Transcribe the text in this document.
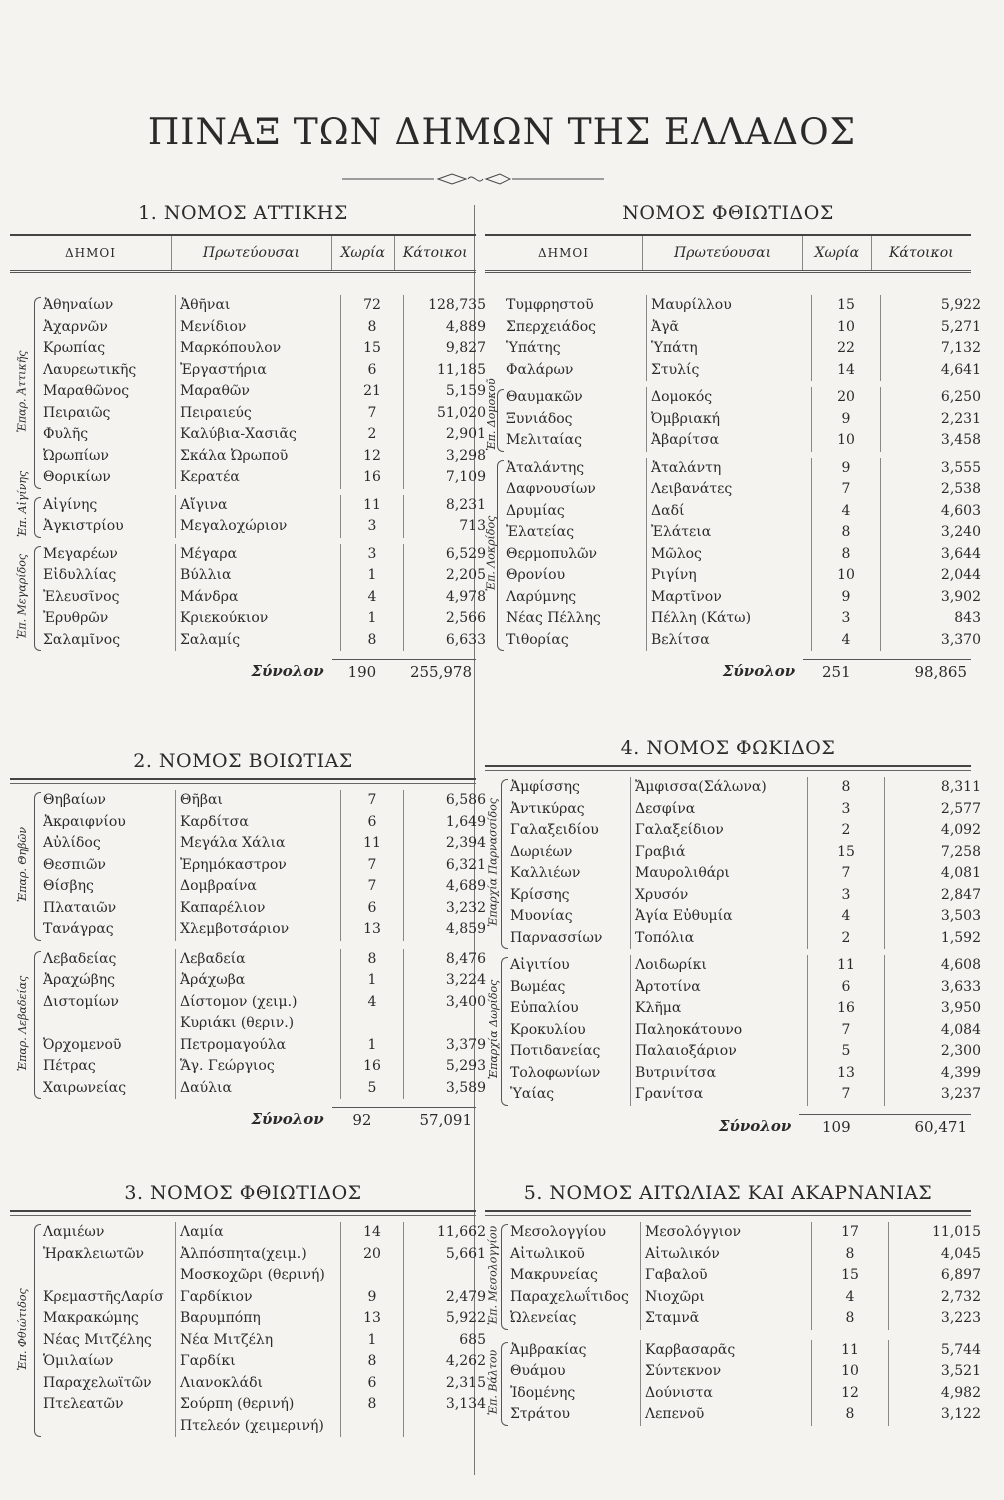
ΠΙΝΑΞ ΤΩΝ ΔΗΜΩΝ ΤΗΣ ΕΛΛΑΔΟΣ
1. ΝΟΜΟΣ ΑΤΤΙΚΗΣ
ΔΗΜΟΙ	Πρωτεύουσαι	Χωρία	Κάτοικοι
Ἐπαρ. Ἀττικῆς
Ἀθηναίων	Ἀθῆναι	72	128,735
Ἀχαρνῶν	Μενίδιον	8	4,889
Κρωπίας	Μαρκόπουλον	15	9,827
Λαυρεωτικῆς	Ἐργαστήρια	6	11,185
Μαραθῶνος	Μαραθῶν	21	5,159
Πειραιῶς	Πειραιεύς	7	51,020
Φυλῆς	Καλύβια-Χασιᾶς	2	2,901
Ὠρωπίων	Σκάλα Ὠρωποῦ	12	3,298
Θορικίων	Κερατέα	16	7,109
Ἐπ. Αἰγίνης Αἰγίνης	Αἴγινα	11	8,231
Ἀγκιστρίου	Μεγαλοχώριον	3	713
Ἐπ. Μεγαρίδος
Μεγαρέων	Μέγαρα	3	6,529
Εἰδυλλίας	Βύλλια	1	2,205
Ἐλευσῖνος	Μάνδρα	4	4,978
Ἐρυθρῶν	Κριεκούκιον	1	2,566
Σαλαμῖνος	Σαλαμίς	8	6,633
Σύνολον	190	255,978
2. ΝΟΜΟΣ ΒΟΙΩΤΙΑΣ
Ἐπαρ. Θηβῶν
Θηβαίων	Θῆβαι	7	6,586
Ἀκραιφνίου	Καρδίτσα	6	1,649
Αὐλίδος	Μεγάλα Χάλια	11	2,394
Θεσπιῶν	Ἐρημόκαστρον	7	6,321
Θίσβης	Δομβραίνα	7	4,689
Πλαταιῶν	Καπαρέλιον	6	3,232
Τανάγρας	Χλεμβοτσάριον	13	4,859
Ἐπαρ. Λεβαδείας
Λεβαδείας	Λεβαδεία	8	8,476
Ἀραχώβης	Ἀράχωβα	1	3,224
Διστομίων	Δίστομον (χειμ.)	4	3,400
Κυριάκι (θεριν.)
Ὀρχομενοῦ	Πετρομαγούλα	1	3,379
Πέτρας	Ἅγ. Γεώργιος	16	5,293
Χαιρωνείας	Δαύλια	5	3,589
Σύνολον	92	57,091
3. ΝΟΜΟΣ ΦΘΙΩΤΙΔΟΣ
Ἐπ. Φθιώτιδος
Λαμιέων	Λαμία	14	11,662
Ἡρακλειωτῶν	Ἀλπόσπητα(χειμ.)	20	5,661
Μοσκοχῶρι (θερινή)
ΚρεμαστῆςΛαρίσ	Γαρδίκιον	9	2,479
Μακρακώμης	Βαρυμπόπη	13	5,922
Νέας Μιτζέλης	Νέα Μιτζέλη	1	685
Ὁμιλαίων	Γαρδίκι	8	4,262
Παραχελωϊτῶν	Λιανοκλάδι	6	2,315
Πτελεατῶν	Σούρπη (θερινή)	8	3,134
Πτελεόν (χειμερινή)
ΝΟΜΟΣ ΦΘΙΩΤΙΔΟΣ
ΔΗΜΟΙ	Πρωτεύουσαι	Χωρία	Κάτοικοι
Τυμφρηστοῦ	Μαυρίλλου	15	5,922
Σπερχειάδος	Ἀγᾶ	10	5,271
Ὑπάτης	Ὑπάτη	22	7,132
Φαλάρων	Στυλίς	14	4,641
Ἐπ. Δομοκοῦ Θαυμακῶν	Δομοκός	20	6,250
Ξυνιάδος	Ὀμβριακή	9	2,231
Μελιταίας	Ἀβαρίτσα	10	3,458
Ἐπ. Λοκρίδος
Ἀταλάντης	Ἀταλάντη	9	3,555
Δαφνουσίων	Λειβανάτες	7	2,538
Δρυμίας	Δαδί	4	4,603
Ἐλατείας	Ἐλάτεια	8	3,240
Θερμοπυλῶν	Μῶλος	8	3,644
Θρονίου	Ριγίνη	10	2,044
Λαρύμνης	Μαρτῖνον	9	3,902
Νέας Πέλλης	Πέλλη (Κάτω)	3	843
Τιθορίας	Βελίτσα	4	3,370
Σύνολον	251	98,865
4. ΝΟΜΟΣ ΦΩΚΙΔΟΣ
Ἐπαρχία Παρνασσίδος
Ἀμφίσσης	Ἄμφισσα(Σάλωνα)	8	8,311
Ἀντικύρας	Δεσφίνα	3	2,577
Γαλαξειδίου	Γαλαξείδιον	2	4,092
Δωριέων	Γραβιά	15	7,258
Καλλιέων	Μαυρολιθάρι	7	4,081
Κρίσσης	Χρυσόν	3	2,847
Μυονίας	Ἁγία Εὐθυμία	4	3,503
Παρνασσίων	Τοπόλια	2	1,592
Ἐπαρχία Δωρίδος
Αἰγιτίου	Λοιδωρίκι	11	4,608
Βωμέας	Ἀρτοτίνα	6	3,633
Εὐπαλίου	Κλῆμα	16	3,950
Κροκυλίου	Παληοκάτουνο	7	4,084
Ποτιδανείας	Παλαιοξάριον	5	2,300
Τολοφωνίων	Βυτρινίτσα	13	4,399
Ὑαίας	Γρανίτσα	7	3,237
Σύνολον	109	60,471
5. ΝΟΜΟΣ ΑΙΤΩΛΙΑΣ ΚΑΙ ΑΚΑΡΝΑΝΙΑΣ
Ἐπ. Μεσολογγίου Μεσολογγίου	Μεσολόγγιον	17	11,015
Αἰτωλικοῦ	Αἰτωλικόν	8	4,045
Μακρυνείας	Γαβαλοῦ	15	6,897
Παραχελωΐτιδος	Νιοχῶρι	4	2,732
Ὠλενείας	Σταμνᾶ	8	3,223
Ἐπ. Βάλτου Ἀμβρακίας	Καρβασαρᾶς	11	5,744
Θυάμου	Σύντεκνον	10	3,521
Ἰδομένης	Δούνιστα	12	4,982
Στράτου	Λεπενοῦ	8	3,122
